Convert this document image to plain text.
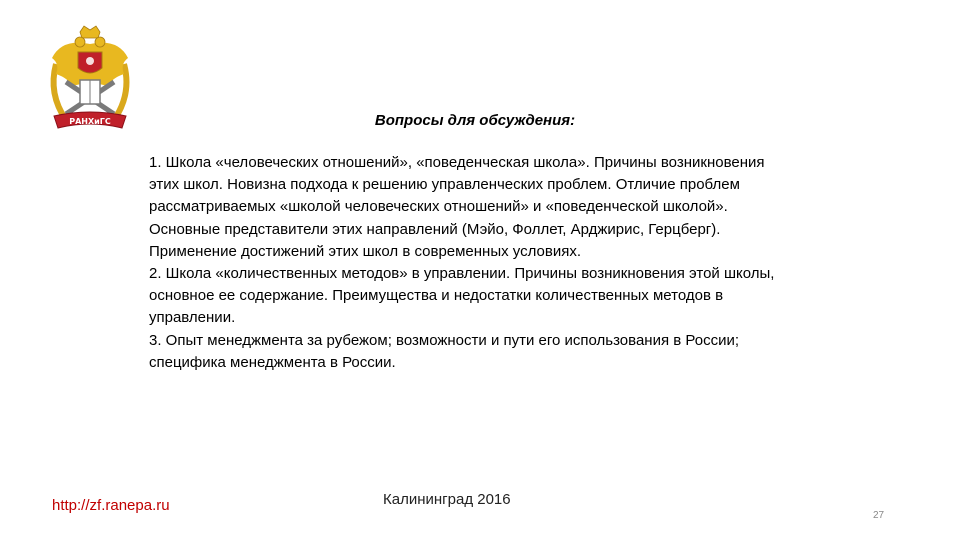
РАНХиГС	Вопросы для обсуждения:

1. Школа «человеческих отношений», «поведенческая школа». Причины возникновения этих школ. Новизна подхода к решению управленческих проблем. Отличие проблем рассматриваемых «школой человеческих отношений» и «поведенческой школой». Основные представители этих направлений (Мэйо, Фоллет, Арджирис, Герцберг). Применение достижений этих школ в современных условиях.

2. Школа «количественных методов» в управлении. Причины возникновения этой школы, основное ее содержание. Преимущества и недостатки количественных методов в управлении.

3. Опыт менеджмента за рубежом; возможности и пути его использования в России; специфика менеджмента в России.

http://zf.ranepa.ru	Калининград 2016
27
